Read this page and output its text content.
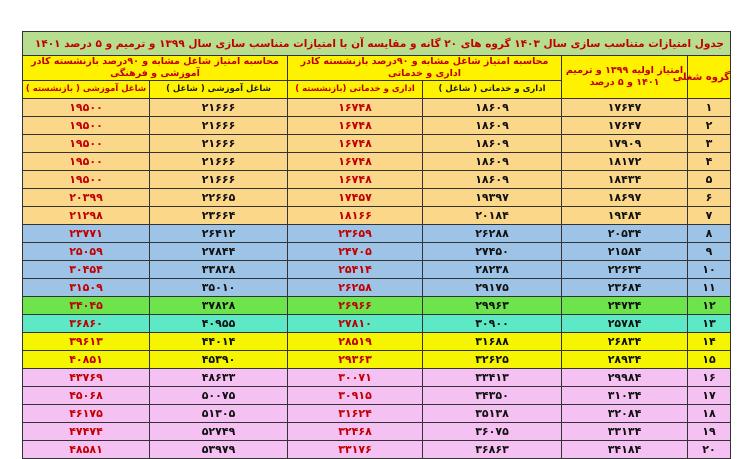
جدول امتیازات متناسب سازی سال ۱۴۰۳ گروه های ۲۰ گانه و مقایسه آن با امتیازات متناسب سازی سال ۱۳۹۹ و ترمیم و ۵ درصد ۱۴۰۱					
گروه شغلی	امتیاز اولیه ۱۳۹۹ و ترمیم ۱۴۰۱ و ۵ درصد	محاسبه امتیاز شاغل مشابه و ۹۰درصد بازنشسته کادر اداری و خدماتی		محاسبه امتیاز شاغل مشابه و ۹۰درصد بازنشسته کادر آموزشی و فرهنگی	
		اداری و خدماتی ( شاغل )	اداری و خدماتی (بازنشسته )	شاغل آموزشی ( شاغل )	شاغل آموزشی ( بازنشسته )
۱	۱۷۶۴۷	۱۸۶۰۹	۱۶۷۴۸	۲۱۶۶۶	۱۹۵۰۰
۲	۱۷۶۴۷	۱۸۶۰۹	۱۶۷۴۸	۲۱۶۶۶	۱۹۵۰۰
۳	۱۷۹۰۹	۱۸۶۰۹	۱۶۷۴۸	۲۱۶۶۶	۱۹۵۰۰
۴	۱۸۱۷۲	۱۸۶۰۹	۱۶۷۴۸	۲۱۶۶۶	۱۹۵۰۰
۵	۱۸۴۳۴	۱۸۶۰۹	۱۶۷۴۸	۲۱۶۶۶	۱۹۵۰۰
۶	۱۸۶۹۷	۱۹۳۹۷	۱۷۴۵۷	۲۲۶۶۵	۲۰۳۹۹
۷	۱۹۴۸۴	۲۰۱۸۴	۱۸۱۶۶	۲۳۶۶۴	۲۱۲۹۸
۸	۲۰۵۳۴	۲۶۲۸۸	۲۳۶۵۹	۲۶۴۱۲	۲۳۷۷۱
۹	۲۱۵۸۴	۲۷۴۵۰	۲۴۷۰۵	۲۷۸۴۴	۲۵۰۵۹
۱۰	۲۲۶۳۴	۲۸۲۳۸	۲۵۴۱۴	۳۳۸۳۸	۳۰۴۵۴
۱۱	۲۳۶۸۴	۲۹۱۷۵	۲۶۲۵۸	۳۵۰۱۰	۳۱۵۰۹
۱۲	۲۴۷۳۴	۲۹۹۶۳	۲۶۹۶۶	۳۷۸۲۸	۳۴۰۴۵
۱۳	۲۵۷۸۴	۳۰۹۰۰	۲۷۸۱۰	۴۰۹۵۵	۳۶۸۶۰
۱۴	۲۶۸۳۴	۳۱۶۸۸	۲۸۵۱۹	۴۴۰۱۴	۳۹۶۱۳
۱۵	۲۸۹۳۴	۳۲۶۲۵	۲۹۳۶۳	۴۵۳۹۰	۴۰۸۵۱
۱۶	۲۹۹۸۴	۳۳۴۱۳	۳۰۰۷۱	۴۸۶۳۳	۴۳۷۶۹
۱۷	۳۱۰۳۴	۳۴۳۵۰	۳۰۹۱۵	۵۰۰۷۵	۴۵۰۶۸
۱۸	۳۲۰۸۴	۳۵۱۳۸	۳۱۶۲۴	۵۱۳۰۵	۴۶۱۷۵
۱۹	۳۳۱۳۴	۳۶۰۷۵	۳۲۴۶۸	۵۲۷۴۹	۴۷۴۷۴
۲۰	۳۴۱۸۴	۳۶۸۶۳	۳۳۱۷۶	۵۳۹۷۹	۴۸۵۸۱
